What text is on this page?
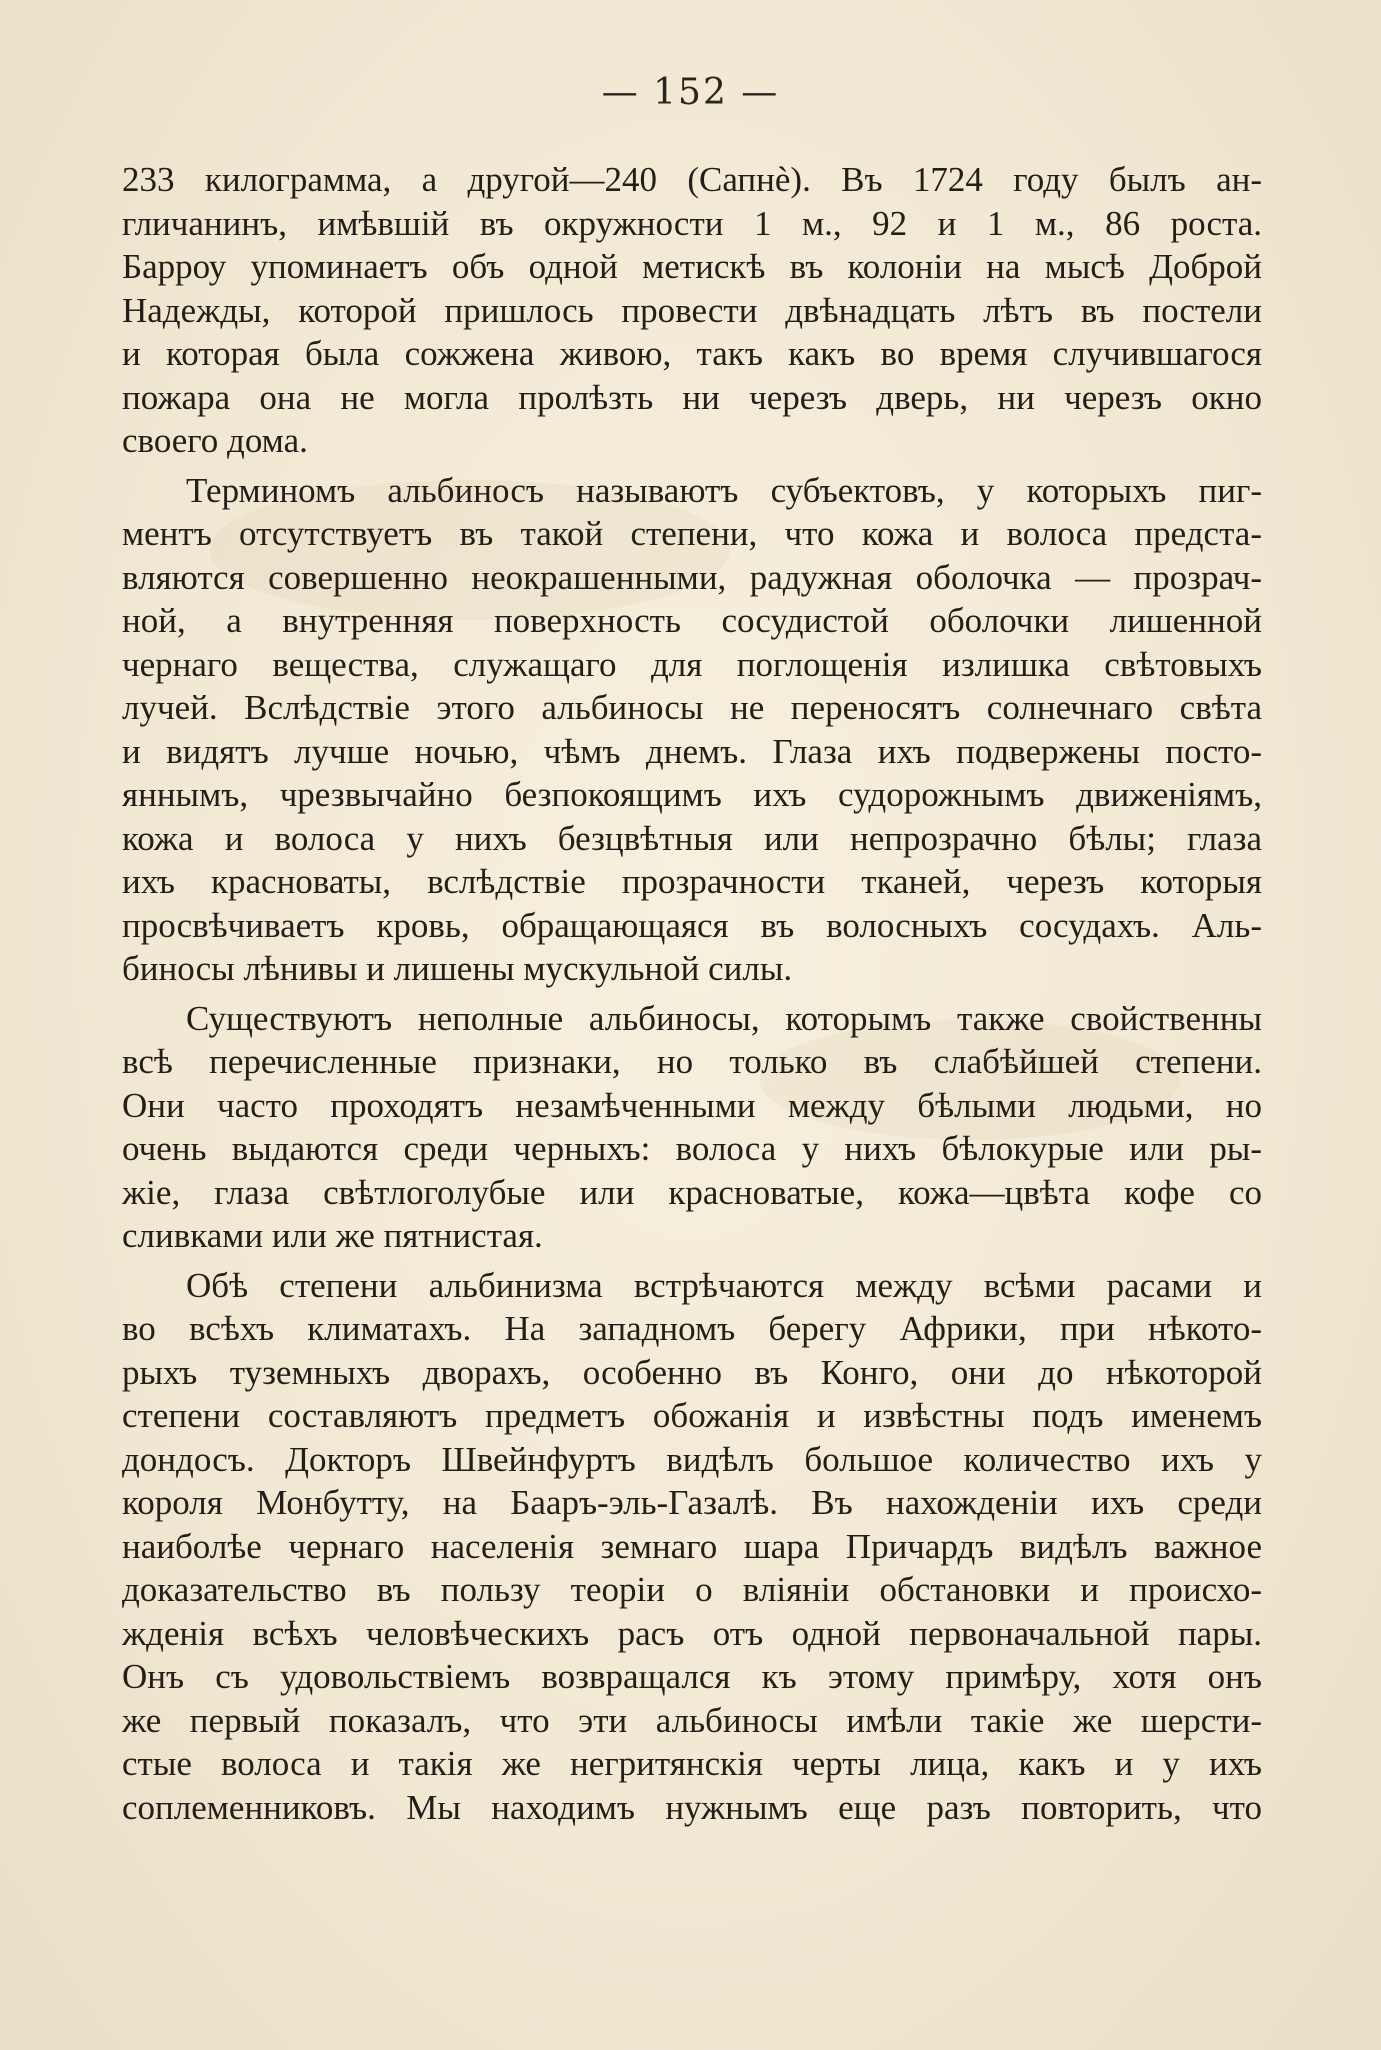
— 152 —
233 килограмма, а другой—240 (Сапнѐ). Въ 1724 году былъ ан-
гличанинъ, имѣвшій въ окружности 1 м., 92 и 1 м., 86 роста.
Барроу упоминаетъ объ одной метискѣ въ колоніи на мысѣ Доброй
Надежды, которой пришлось провести двѣнадцать лѣтъ въ постели
и которая была сожжена живою, такъ какъ во время случившагося
пожара она не могла пролѣзть ни черезъ дверь, ни черезъ окно
своего дома.
Терминомъ альбиносъ называютъ субъектовъ, у которыхъ пиг-
ментъ отсутствуетъ въ такой степени, что кожа и волоса предста-
вляются совершенно неокрашенными, радужная оболочка — прозрач-
ной, а внутренняя поверхность сосудистой оболочки лишенной
чернаго вещества, служащаго для поглощенія излишка свѣтовыхъ
лучей. Вслѣдствіе этого альбиносы не переносятъ солнечнаго свѣта
и видятъ лучше ночью, чѣмъ днемъ. Глаза ихъ подвержены посто-
яннымъ, чрезвычайно безпокоящимъ ихъ судорожнымъ движеніямъ,
кожа и волоса у нихъ безцвѣтныя или непрозрачно бѣлы; глаза
ихъ красноваты, вслѣдствіе прозрачности тканей, черезъ которыя
просвѣчиваетъ кровь, обращающаяся въ волосныхъ сосудахъ. Аль-
биносы лѣнивы и лишены мускульной силы.
Существуютъ неполные альбиносы, которымъ также свойственны
всѣ перечисленные признаки, но только въ слабѣйшей степени.
Они часто проходятъ незамѣченными между бѣлыми людьми, но
очень выдаются среди черныхъ: волоса у нихъ бѣлокурые или ры-
жіе, глаза свѣтлоголубые или красноватые, кожа—цвѣта кофе со
сливками или же пятнистая.
Обѣ степени альбинизма встрѣчаются между всѣми расами и
во всѣхъ климатахъ. На западномъ берегу Африки, при нѣкото-
рыхъ туземныхъ дворахъ, особенно въ Конго, они до нѣкоторой
степени составляютъ предметъ обожанія и извѣстны подъ именемъ
дондосъ. Докторъ Швейнфуртъ видѣлъ большое количество ихъ у
короля Монбутту, на Бааръ-эль-Газалѣ. Въ нахожденіи ихъ среди
наиболѣе чернаго населенія земнаго шара Причардъ видѣлъ важное
доказательство въ пользу теоріи о вліяніи обстановки и происхо-
жденія всѣхъ человѣческихъ расъ отъ одной первоначальной пары.
Онъ съ удовольствіемъ возвращался къ этому примѣру, хотя онъ
же первый показалъ, что эти альбиносы имѣли такіе же шерсти-
стые волоса и такія же негритянскія черты лица, какъ и у ихъ
соплеменниковъ. Мы находимъ нужнымъ еще разъ повторить, что
